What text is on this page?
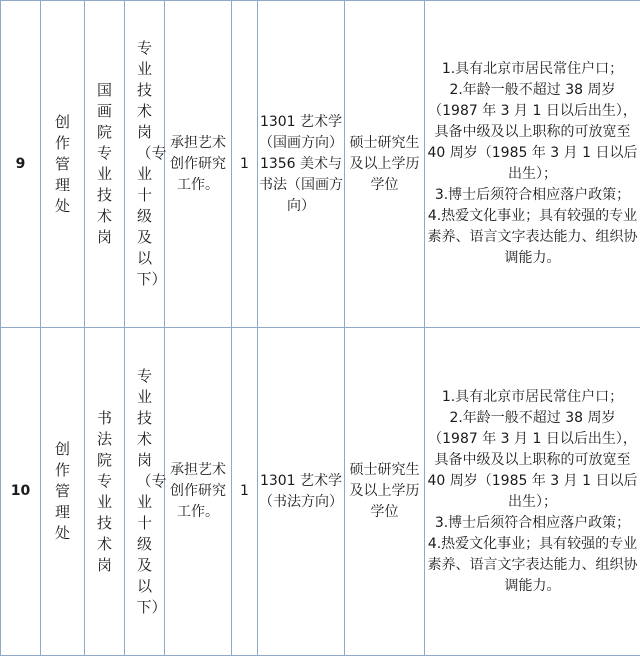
9	创作管理处	国画院专业技术岗	专业技术岗（专业十级及以下）	承担艺术创作研究工作。	1	1301 艺术学（国画方向）1356 美术与书法（国画方向）	硕士研究生及以上学历学位	1.具有北京市居民常住户口；

2.年龄一般不超过 38 周岁（1987 年 3 月 1 日以后出生），具备中级及以上职称的可放宽至 40 周岁（1985 年 3 月 1 日以后出生）；

3.博士后须符合相应落户政策；

4.热爱文化事业；具有较强的专业素养、语言文字表达能力、组织协调能力。

10	创作管理处	书法院专业技术岗	专业技术岗（专业十级及以下）	承担艺术创作研究工作。	1	1301 艺术学（书法方向）	硕士研究生及以上学历学位	1.具有北京市居民常住户口；

2.年龄一般不超过 38 周岁（1987 年 3 月 1 日以后出生），具备中级及以上职称的可放宽至 40 周岁（1985 年 3 月 1 日以后出生）；

3.博士后须符合相应落户政策；

4.热爱文化事业；具有较强的专业素养、语言文字表达能力、组织协调能力。
